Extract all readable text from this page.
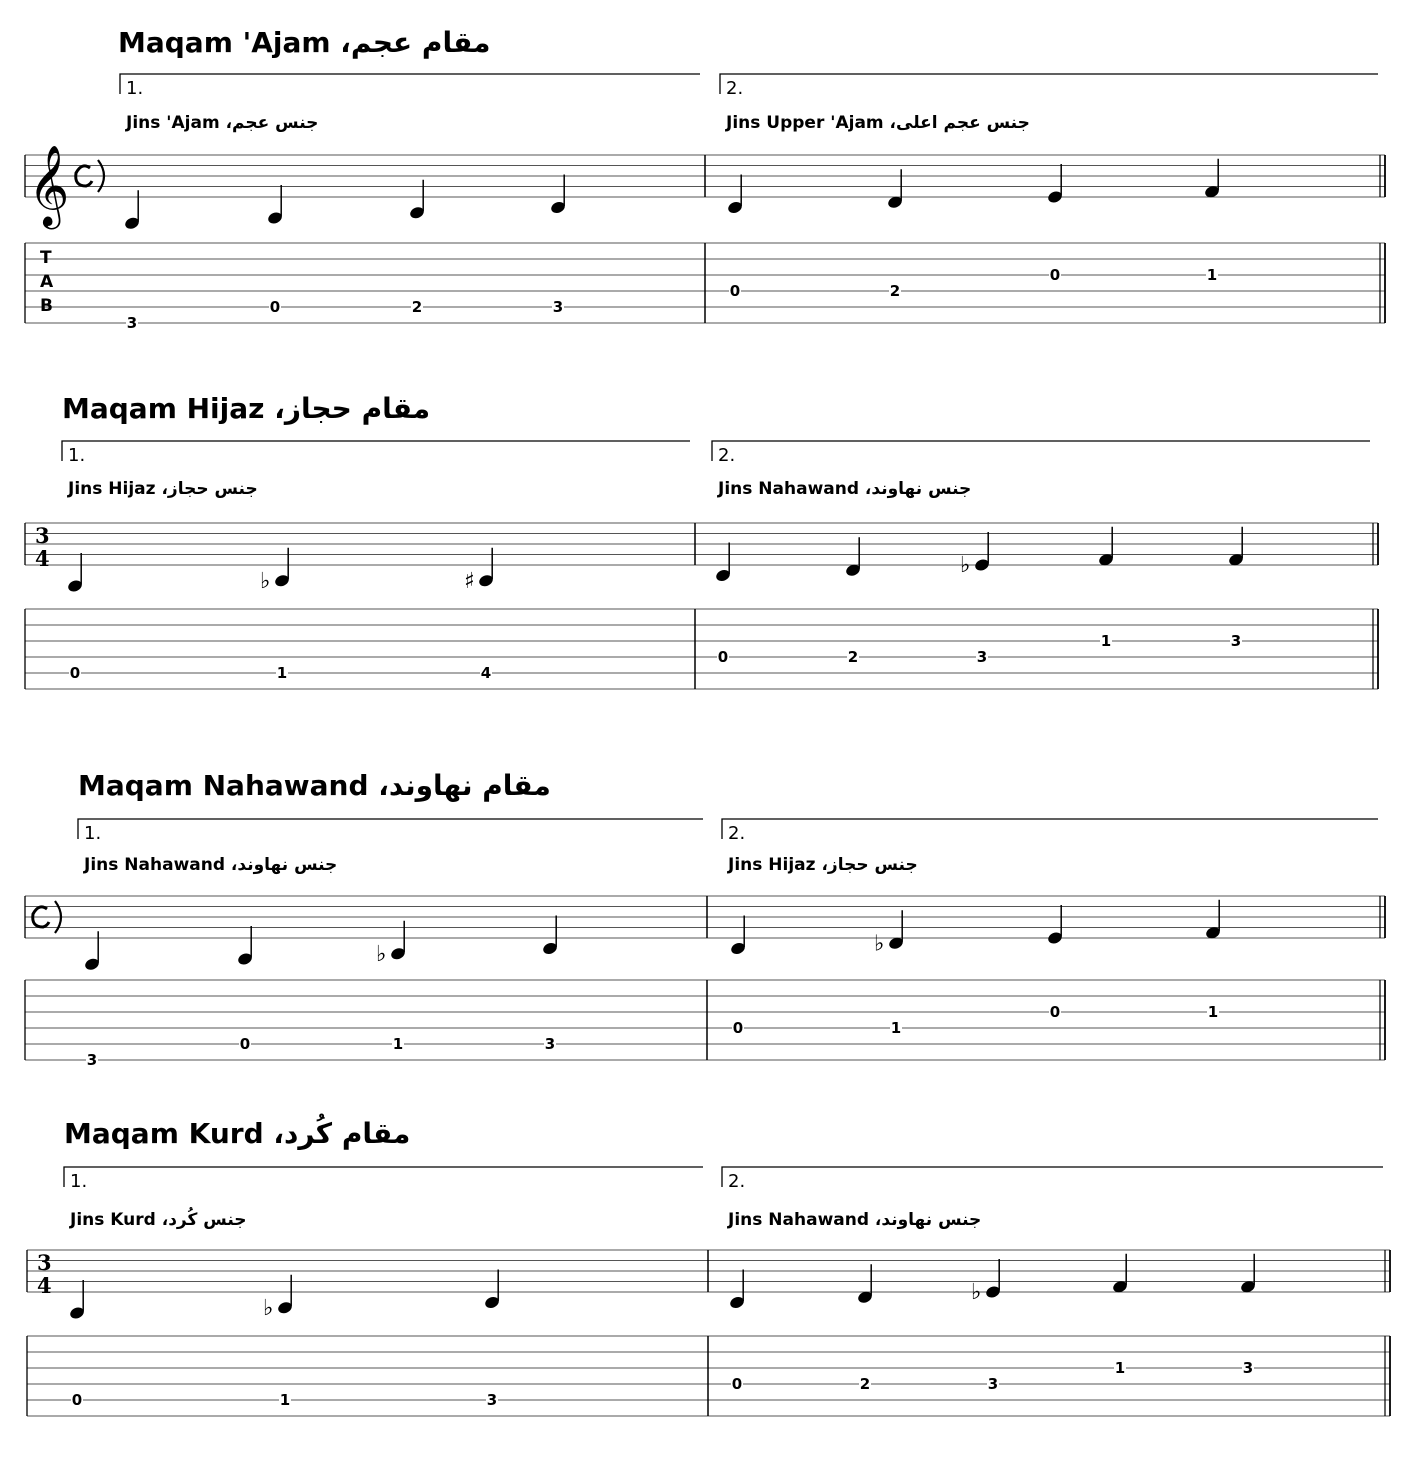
Maqam 'Ajam ،مقام عجم
1.
Jins 'Ajam ،جنس عجم
2.
Jins Upper 'Ajam ،جنس عجم اعلى
𝄞
T
A
B
3
0	2	3
0	2
0	1
Maqam Hijaz ،مقام حجاز
1.
Jins Hijaz ،جنس حجاز
2.
Jins Nahawand ،جنس نهاوند
3
4
♭	♯
0	1	4
♭
0	2	3
1	3
Maqam Nahawand ،مقام نهاوند
1.
Jins Nahawand ،جنس نهاوند
2.
Jins Hijaz ،جنس حجاز
♭
3
0	1	3
♭
0	1
0	1
Maqam Kurd ،مقام كُرد
1.
Jins Kurd ،جنس كُرد
2.
Jins Nahawand ،جنس نهاوند
3
4
♭
0	1	3
♭
0	2	3
1	3
